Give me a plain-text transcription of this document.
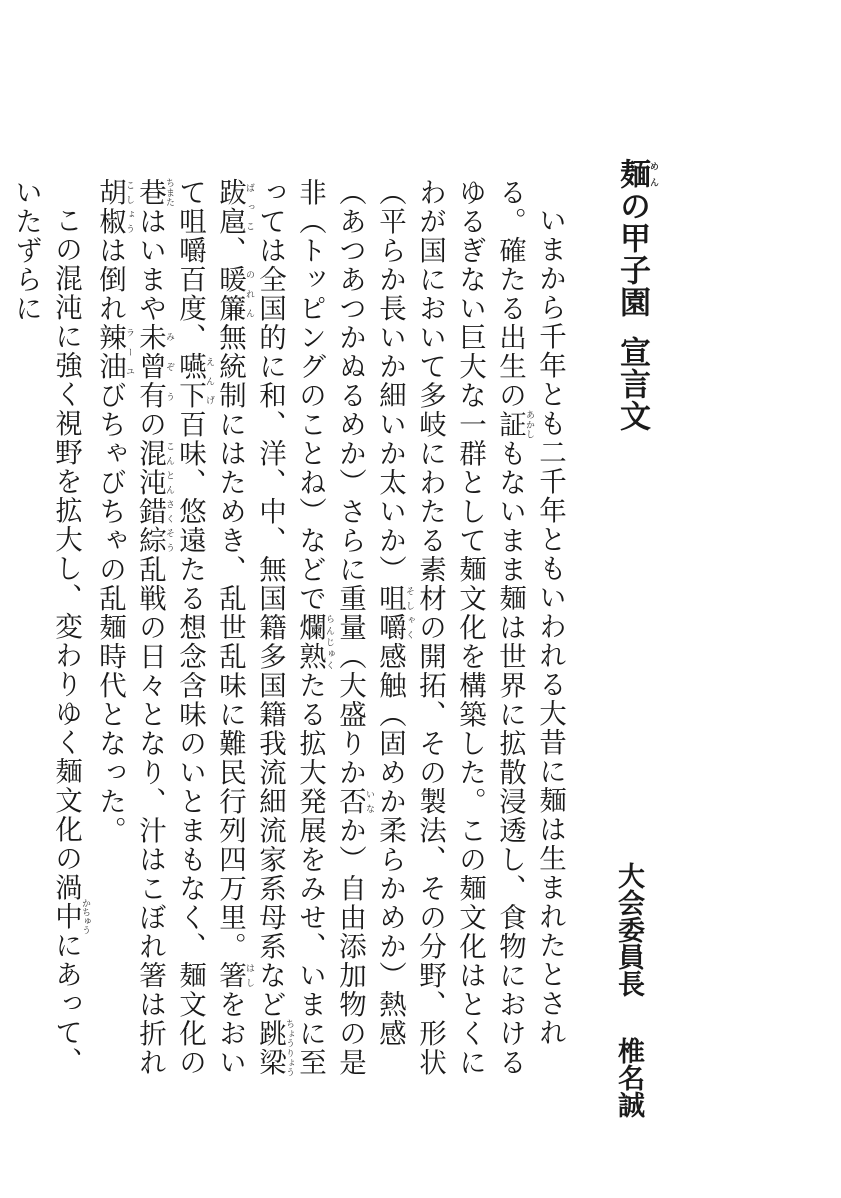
麺めんの甲子園宣言文
大会委員長椎名誠
いまから千年とも二千年ともいわれる大昔に麺は生まれたとされる。確たる出生の証あかしもないまま麺は世界に拡散浸透し、食物におけるゆるぎない巨大な一群として麺文化を構築した。この麺文化はとくにわが国において多岐にわたる素材の開拓、その製法、その分野、形状（平らか長いか細いか太いか）咀嚼そしゃく感触（固めか柔らかめか）熱感（あつあつかぬるめか）さらに重量（大盛りか否いなか）自由添加物の是非（トッピングのことね）などで爛熟らんじゅくたる拡大発展をみせ、いまに至っては全国的に和、洋、中、無国籍多国籍我流細流家系母系など跳梁跋扈ちょうりょうばっこ、暖簾のれん無統制にはためき、乱世乱味に難民行列四万里。箸はしをおいて咀嚼百度、嚥下えんげ百味、悠遠たる想念含味のいとまもなく、麺文化の巷ちまたはいまや未曾有みぞうの混沌錯綜こんとんさくそう乱戦の日々となり、汁はこぼれ箸は折れ胡椒こしょうは倒れ辣油ラーユびちゃびちゃの乱麺時代となった。
この混沌に強く視野を拡大し、変わりゆく麺文化の渦中かちゅうにあって、いたずらに
